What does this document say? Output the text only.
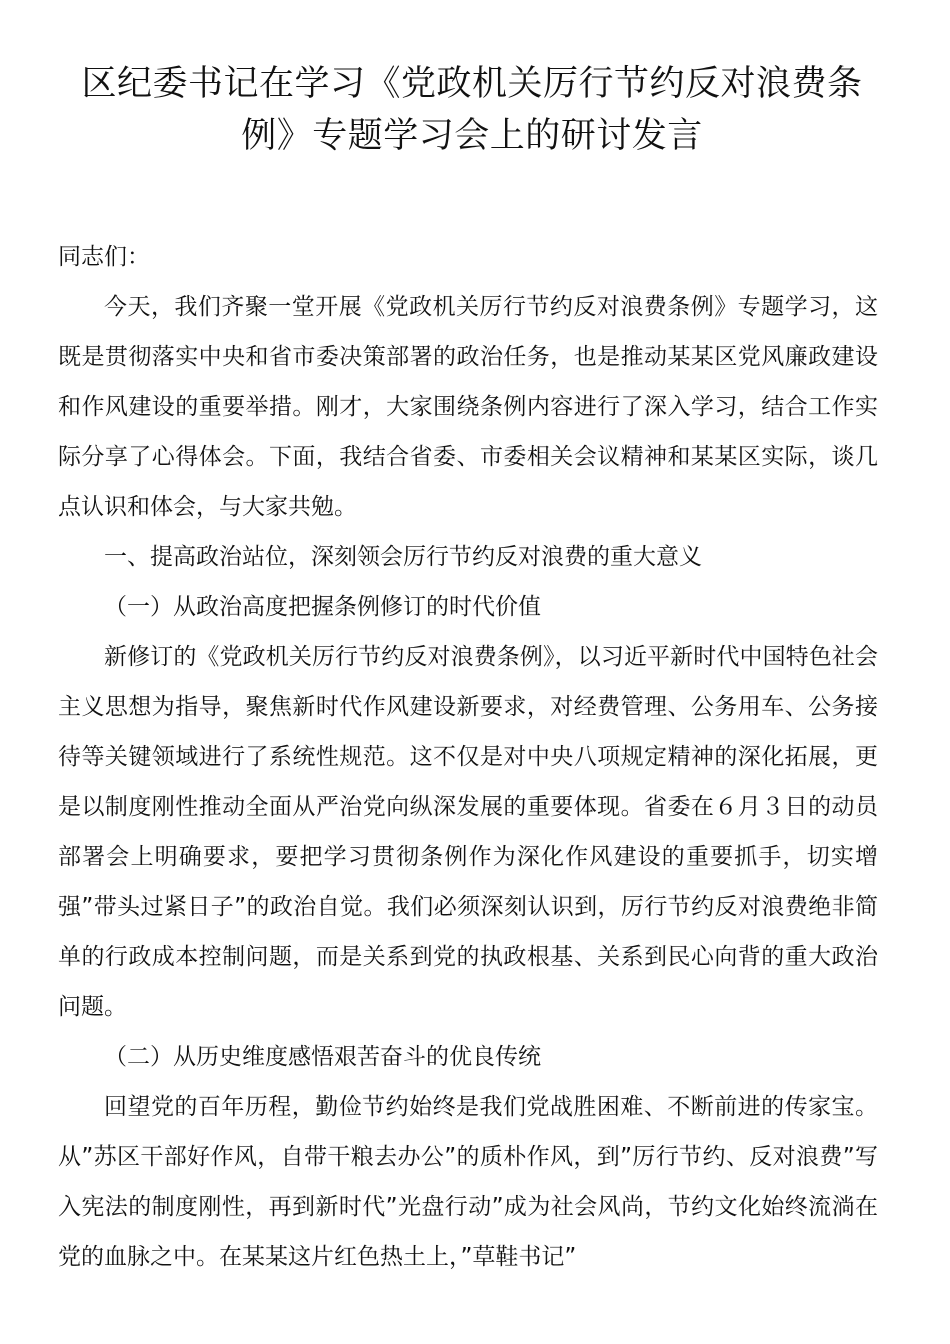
区纪委书记在学习《党政机关厉行节约反对浪费条例》专题学习会上的研讨发言

同志们：

今天，我们齐聚一堂开展《党政机关厉行节约反对浪费条例》专题学习，这既是贯彻落实中央和省市委决策部署的政治任务，也是推动某某区党风廉政建设和作风建设的重要举措。刚才，大家围绕条例内容进行了深入学习，结合工作实际分享了心得体会。下面，我结合省委、市委相关会议精神和某某区实际，谈几点认识和体会，与大家共勉。

一、提高政治站位，深刻领会厉行节约反对浪费的重大意义

（一）从政治高度把握条例修订的时代价值

新修订的《党政机关厉行节约反对浪费条例》，以习近平新时代中国特色社会主义思想为指导，聚焦新时代作风建设新要求，对经费管理、公务用车、公务接待等关键领域进行了系统性规范。这不仅是对中央八项规定精神的深化拓展，更是以制度刚性推动全面从严治党向纵深发展的重要体现。省委在６月３日的动员部署会上明确要求，要把学习贯彻条例作为深化作风建设的重要抓手，切实增强”带头过紧日子”的政治自觉。我们必须深刻认识到，厉行节约反对浪费绝非简单的行政成本控制问题，而是关系到党的执政根基、关系到民心向背的重大政治问题。

（二）从历史维度感悟艰苦奋斗的优良传统

回望党的百年历程，勤俭节约始终是我们党战胜困难、不断前进的传家宝。从”苏区干部好作风，自带干粮去办公”的质朴作风，到”厉行节约、反对浪费”写入宪法的制度刚性，再到新时代”光盘行动”成为社会风尚，节约文化始终流淌在党的血脉之中。在某某这片红色热土上，”草鞋书记”
